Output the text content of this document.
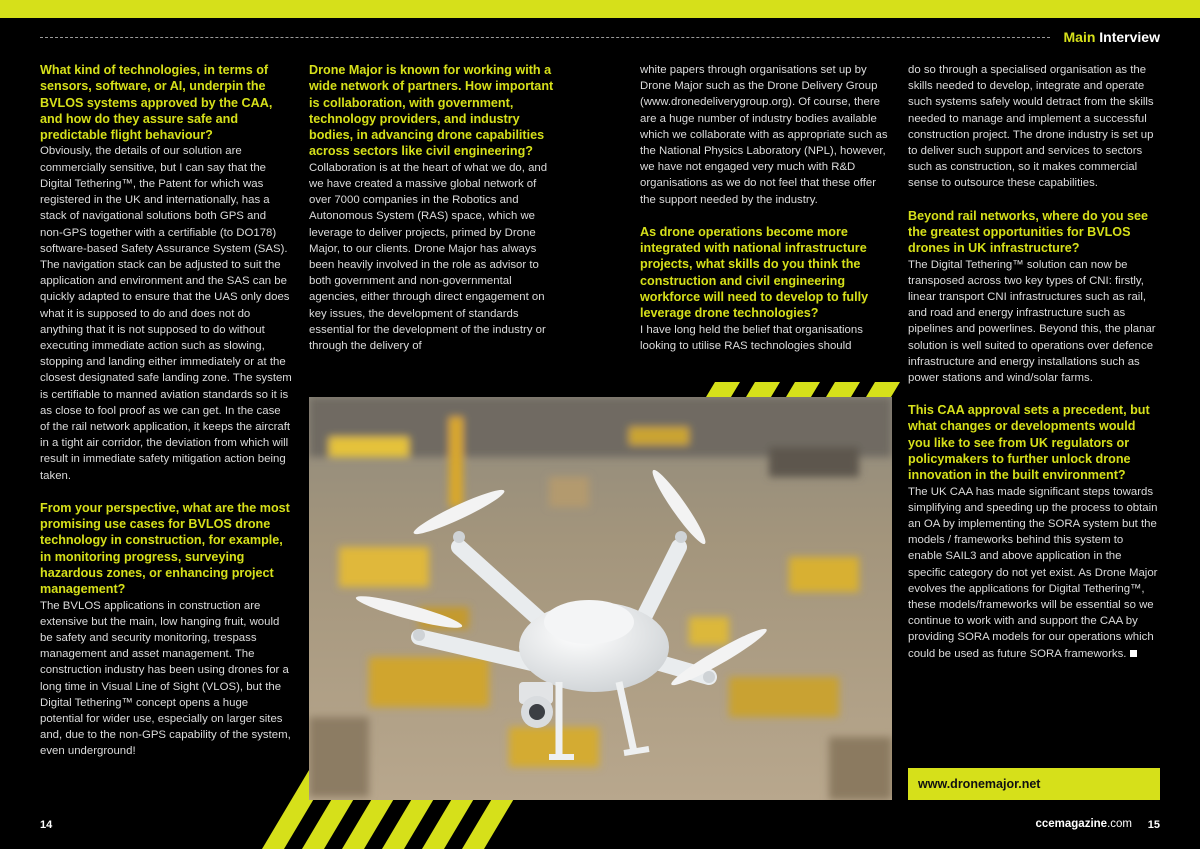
Main Interview

What kind of technologies, in terms of sensors, software, or AI, underpin the BVLOS systems approved by the CAA, and how do they assure safe and predictable flight behaviour?

Obviously, the details of our solution are commercially sensitive, but I can say that the Digital Tethering™, the Patent for which was registered in the UK and internationally, has a stack of navigational solutions both GPS and non-GPS together with a certifiable (to DO178) software-based Safety Assurance System (SAS). The navigation stack can be adjusted to suit the application and environment and the SAS can be quickly adapted to ensure that the UAS only does what it is supposed to do and does not do anything that it is not supposed to do without executing immediate action such as slowing, stopping and landing either immediately or at the closest designated safe landing zone. The system is certifiable to manned aviation standards so it is as close to fool proof as we can get. In the case of the rail network application, it keeps the aircraft in a tight air corridor, the deviation from which will result in immediate safety mitigation action being taken.

From your perspective, what are the most promising use cases for BVLOS drone technology in construction, for example, in monitoring progress, surveying hazardous zones, or enhancing project management?

The BVLOS applications in construction are extensive but the main, low hanging fruit, would be safety and security monitoring, trespass management and asset management. The construction industry has been using drones for a long time in Visual Line of Sight (VLOS), but the Digital Tethering™ concept opens a huge potential for wider use, especially on larger sites and, due to the non-GPS capability of the system, even underground!

Drone Major is known for working with a wide network of partners. How important is collaboration, with government, technology providers, and industry bodies, in advancing drone capabilities across sectors like civil engineering?

Collaboration is at the heart of what we do, and we have created a massive global network of over 7000 companies in the Robotics and Autonomous System (RAS) space, which we leverage to deliver projects, primed by Drone Major, to our clients. Drone Major has always been heavily involved in the role as advisor to both government and non-governmental agencies, either through direct engagement on key issues, the development of standards essential for the development of the industry or through the delivery of

white papers through organisations set up by Drone Major such as the Drone Delivery Group (www.dronedeliverygroup.org). Of course, there are a huge number of industry bodies available which we collaborate with as appropriate such as the National Physics Laboratory (NPL), however, we have not engaged very much with R&D organisations as we do not feel that these offer the support needed by the industry.

As drone operations become more integrated with national infrastructure projects, what skills do you think the construction and civil engineering workforce will need to develop to fully leverage drone technologies?

I have long held the belief that organisations looking to utilise RAS technologies should

do so through a specialised organisation as the skills needed to develop, integrate and operate such systems safely would detract from the skills needed to manage and implement a successful construction project. The drone industry is set up to deliver such support and services to sectors such as construction, so it makes commercial sense to outsource these capabilities.

Beyond rail networks, where do you see the greatest opportunities for BVLOS drones in UK infrastructure?

The Digital Tethering™ solution can now be transposed across two key types of CNI: firstly, linear transport CNI infrastructures such as rail, and road and energy infrastructure such as pipelines and powerlines. Beyond this, the planar solution is well suited to operations over defence infrastructure and energy installations such as power stations and wind/solar farms.

This CAA approval sets a precedent, but what changes or developments would you like to see from UK regulators or policymakers to further unlock drone innovation in the built environment?

The UK CAA has made significant steps towards simplifying and speeding up the process to obtain an OA by implementing the SORA system but the models / frameworks behind this system to enable SAIL3 and above application in the specific category do not yet exist. As Drone Major evolves the applications for Digital Tethering™, these models/frameworks will be essential so we continue to work with and support the CAA by providing SORA models for our operations which could be used as future SORA frameworks.

www.dronemajor.net
14	ccemagazine.com 15
